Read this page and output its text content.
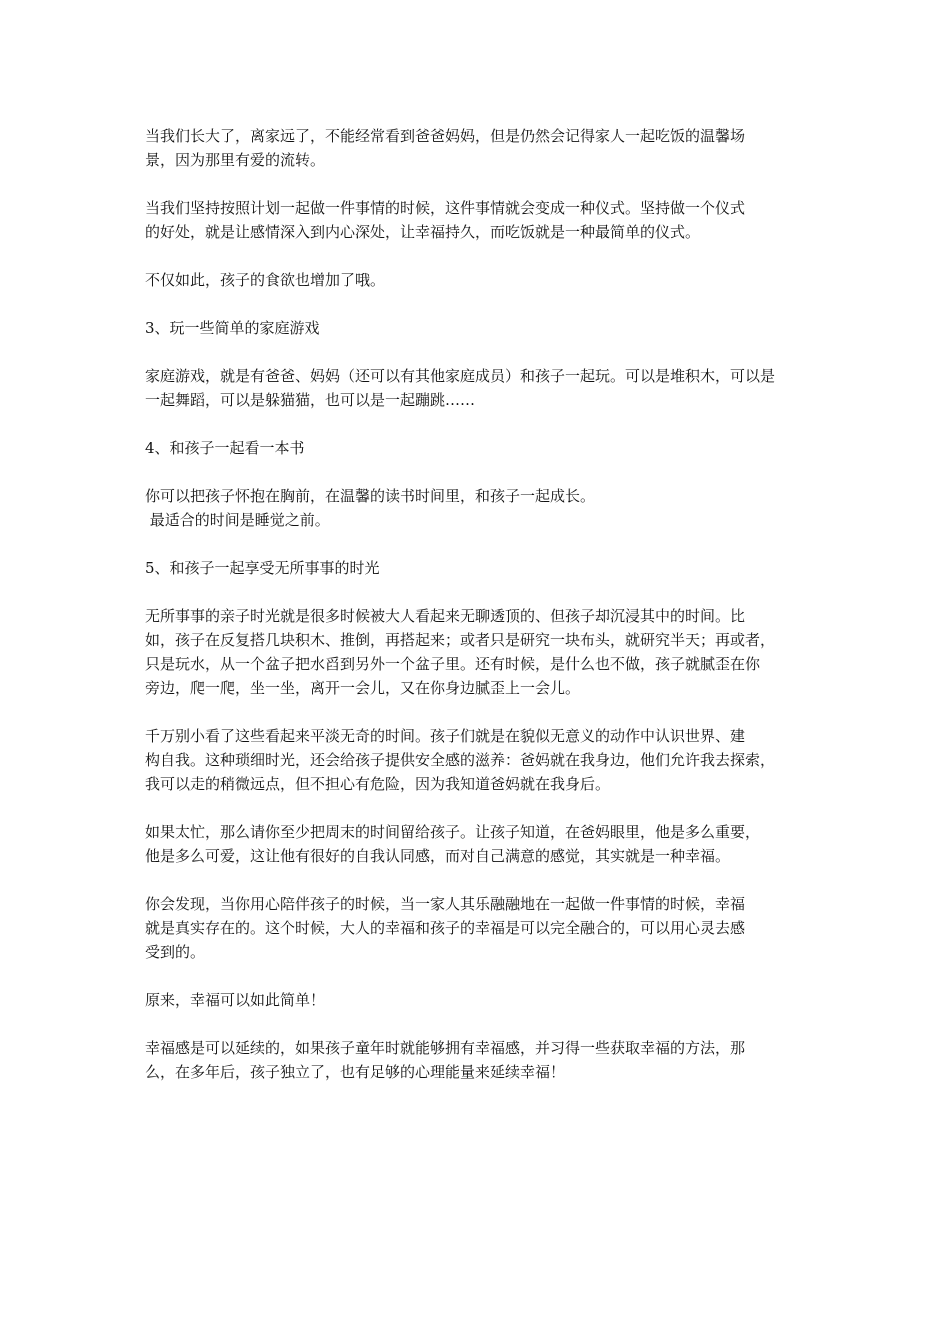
当我们长大了，离家远了，不能经常看到爸爸妈妈，但是仍然会记得家人一起吃饭的温馨场
景，因为那里有爱的流转。
当我们坚持按照计划一起做一件事情的时候，这件事情就会变成一种仪式。坚持做一个仪式
的好处，就是让感情深入到内心深处，让幸福持久，而吃饭就是一种最简单的仪式。
不仅如此，孩子的食欲也增加了哦。
3、玩一些简单的家庭游戏
家庭游戏，就是有爸爸、妈妈（还可以有其他家庭成员）和孩子一起玩。可以是堆积木，可以是
一起舞蹈，可以是躲猫猫，也可以是一起蹦跳……
4、和孩子一起看一本书
你可以把孩子怀抱在胸前，在温馨的读书时间里，和孩子一起成长。
最适合的时间是睡觉之前。
5、和孩子一起享受无所事事的时光
无所事事的亲子时光就是很多时候被大人看起来无聊透顶的、但孩子却沉浸其中的时间。比
如，孩子在反复搭几块积木、推倒，再搭起来；或者只是研究一块布头，就研究半天；再或者，
只是玩水，从一个盆子把水舀到另外一个盆子里。还有时候，是什么也不做，孩子就腻歪在你
旁边，爬一爬，坐一坐，离开一会儿，又在你身边腻歪上一会儿。
千万别小看了这些看起来平淡无奇的时间。孩子们就是在貌似无意义的动作中认识世界、建
构自我。这种琐细时光，还会给孩子提供安全感的滋养：爸妈就在我身边，他们允许我去探索，
我可以走的稍微远点，但不担心有危险，因为我知道爸妈就在我身后。
如果太忙，那么请你至少把周末的时间留给孩子。让孩子知道，在爸妈眼里，他是多么重要，
他是多么可爱，这让他有很好的自我认同感，而对自己满意的感觉，其实就是一种幸福。
你会发现，当你用心陪伴孩子的时候，当一家人其乐融融地在一起做一件事情的时候，幸福
就是真实存在的。这个时候，大人的幸福和孩子的幸福是可以完全融合的，可以用心灵去感
受到的。
原来，幸福可以如此简单！
幸福感是可以延续的，如果孩子童年时就能够拥有幸福感，并习得一些获取幸福的方法，那
么，在多年后，孩子独立了，也有足够的心理能量来延续幸福！
